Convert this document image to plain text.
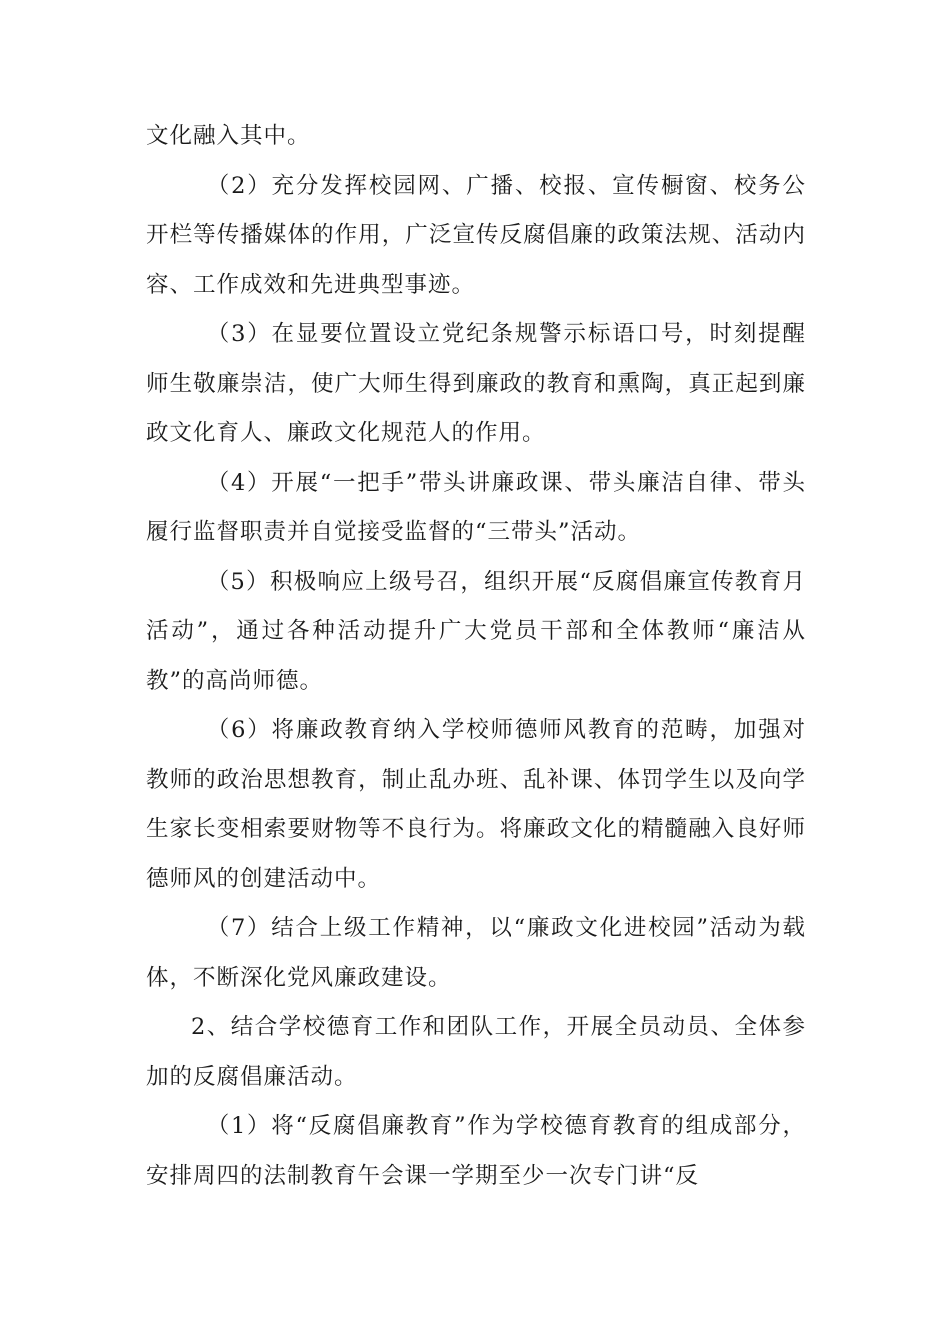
文化融入其中。

（2）充分发挥校园网、广播、校报、宣传橱窗、校务公开栏等传播媒体的作用，广泛宣传反腐倡廉的政策法规、活动内容、工作成效和先进典型事迹。

（3）在显要位置设立党纪条规警示标语口号，时刻提醒师生敬廉崇洁，使广大师生得到廉政的教育和熏陶，真正起到廉政文化育人、廉政文化规范人的作用。

（4）开展“一把手”带头讲廉政课、带头廉洁自律、带头履行监督职责并自觉接受监督的“三带头”活动。

（5）积极响应上级号召，组织开展“反腐倡廉宣传教育月活动”，通过各种活动提升广大党员干部和全体教师“廉洁从教”的高尚师德。

（6）将廉政教育纳入学校师德师风教育的范畴，加强对教师的政治思想教育，制止乱办班、乱补课、体罚学生以及向学生家长变相索要财物等不良行为。将廉政文化的精髓融入良好师德师风的创建活动中。

（7）结合上级工作精神，以“廉政文化进校园”活动为载体，不断深化党风廉政建设。

2、结合学校德育工作和团队工作，开展全员动员、全体参加的反腐倡廉活动。

（1）将“反腐倡廉教育”作为学校德育教育的组成部分，安排周四的法制教育午会课一学期至少一次专门讲“反
